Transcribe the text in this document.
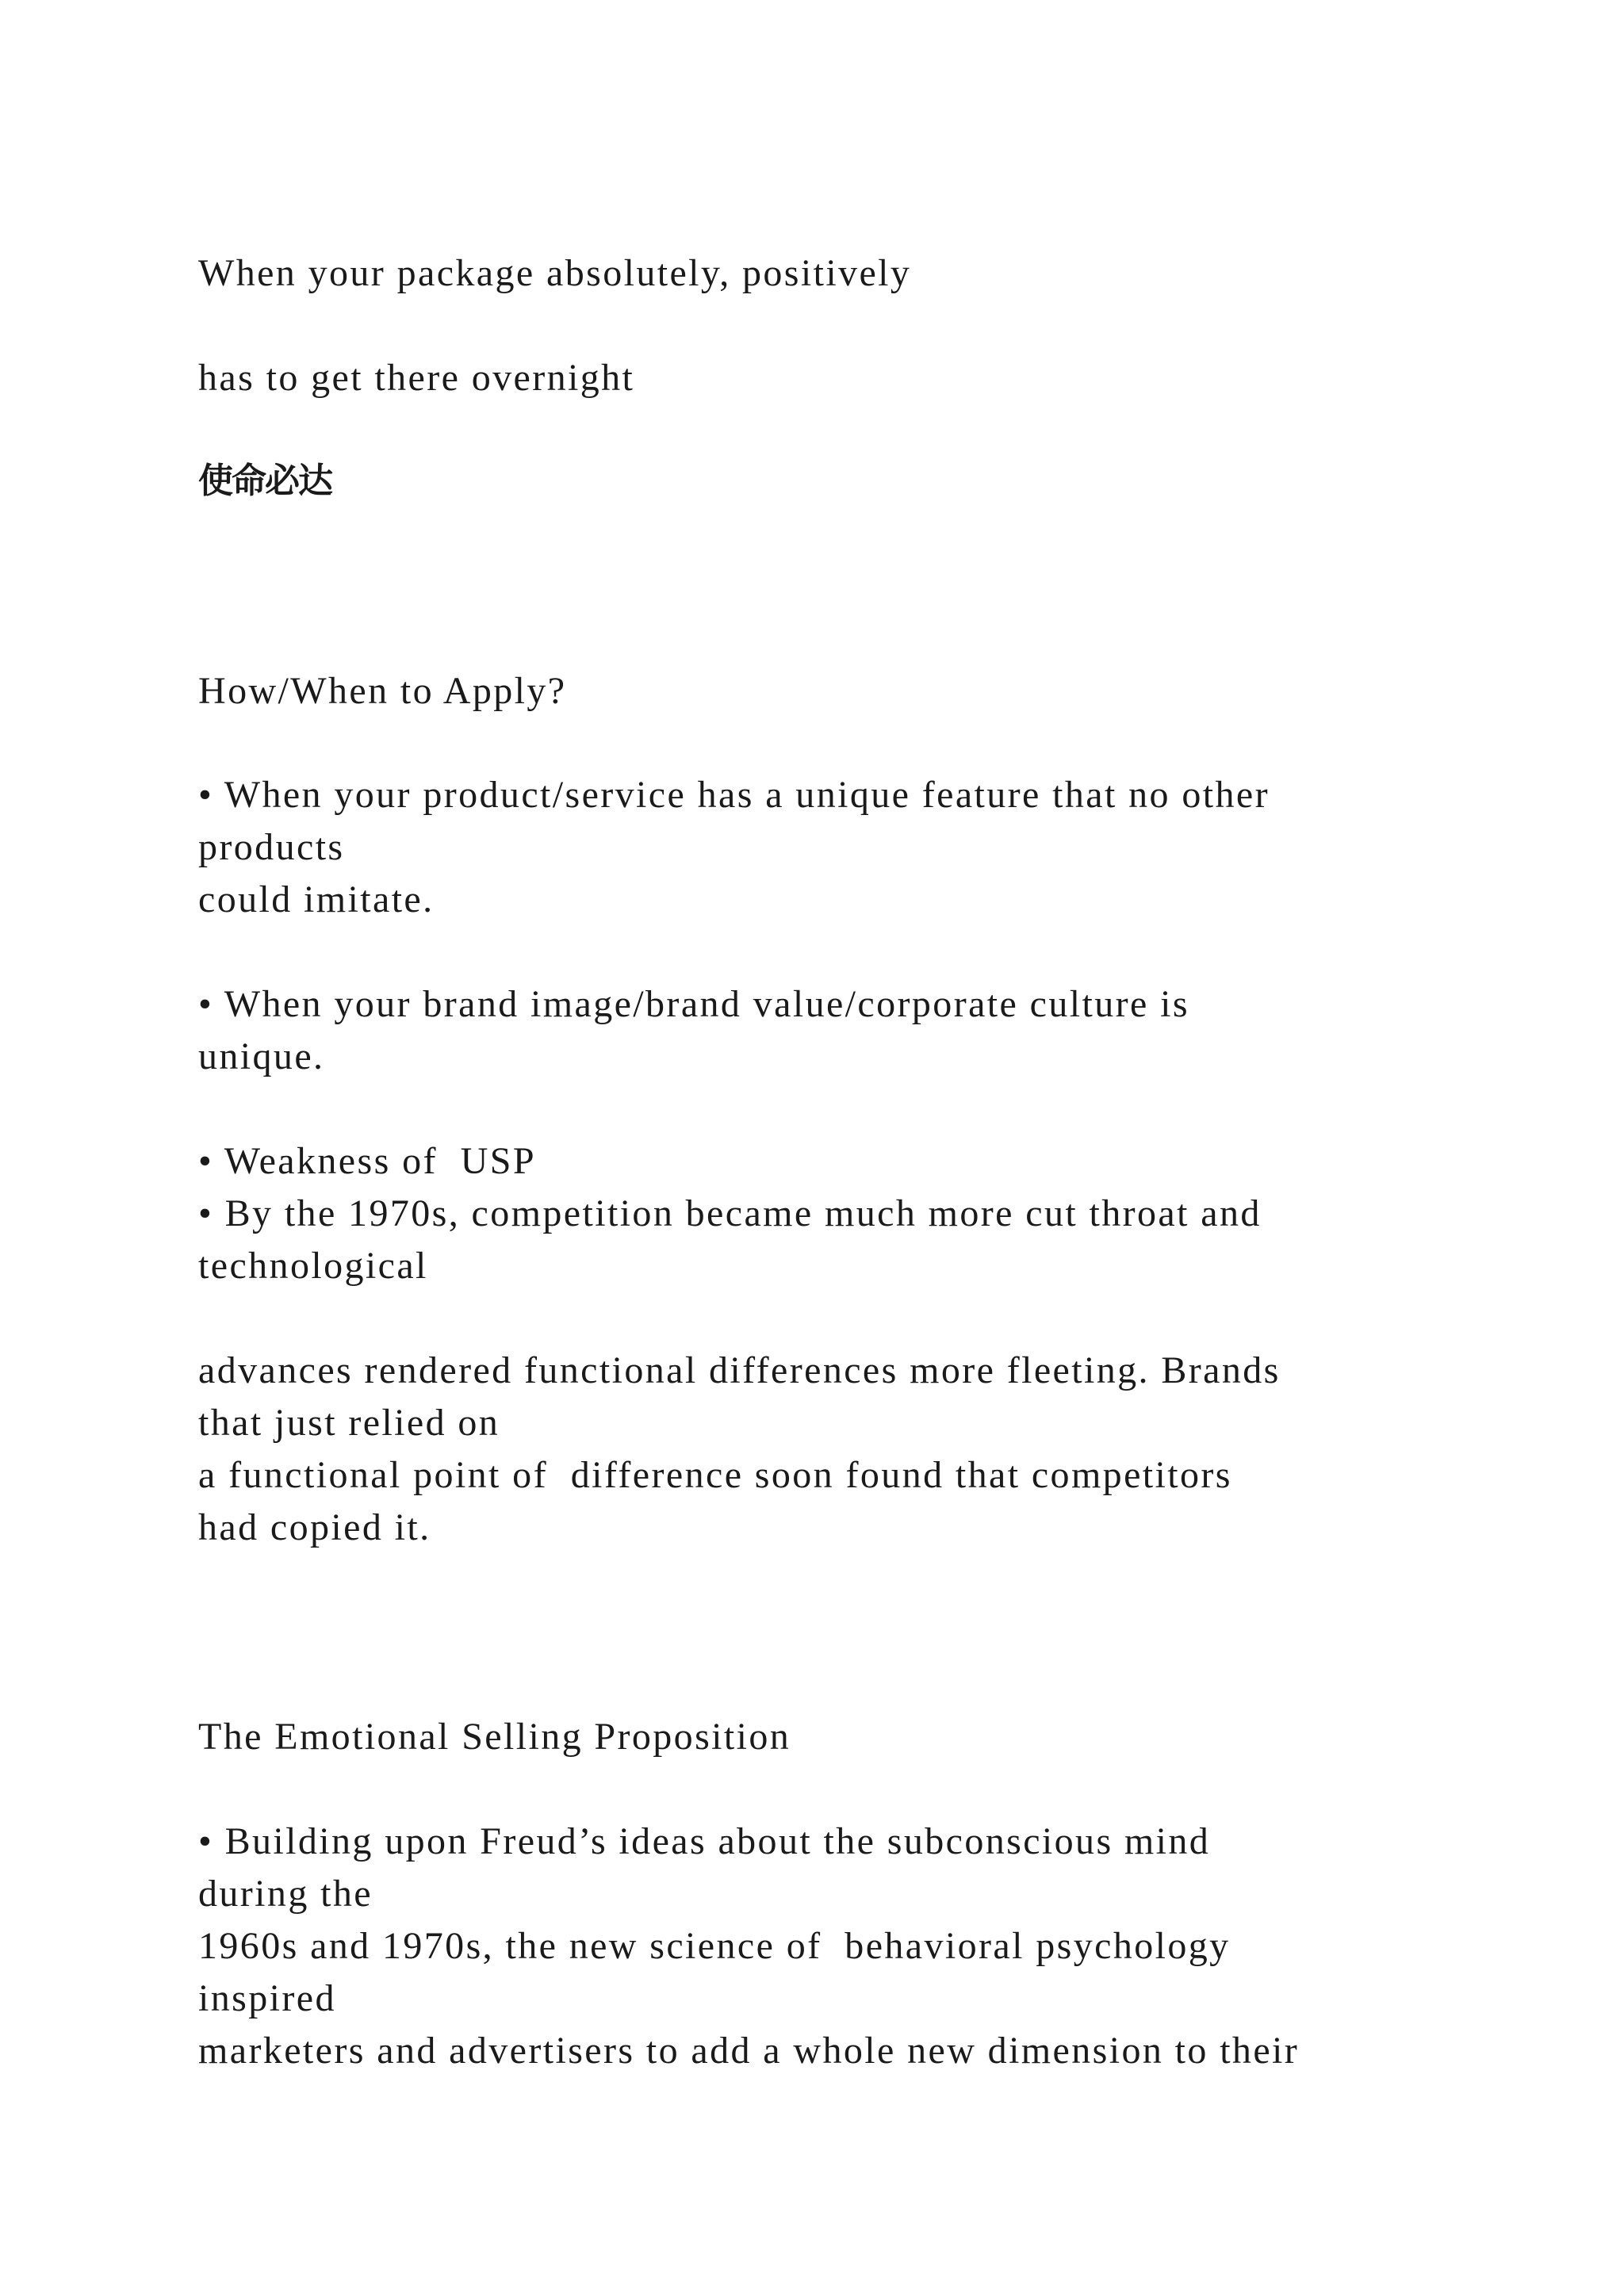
When your package absolutely, positively
has to get there overnight
使命必达
How/When to Apply?
• When your product/service has a unique feature that no other
products
could imitate.
• When your brand image/brand value/corporate culture is
unique.
• Weakness of  USP
• By the 1970s, competition became much more cut throat and
technological
advances rendered functional differences more fleeting. Brands
that just relied on
a functional point of  difference soon found that competitors
had copied it.
The Emotional Selling Proposition
• Building upon Freud’s ideas about the subconscious mind
during the
1960s and 1970s, the new science of  behavioral psychology
inspired
marketers and advertisers to add a whole new dimension to their
